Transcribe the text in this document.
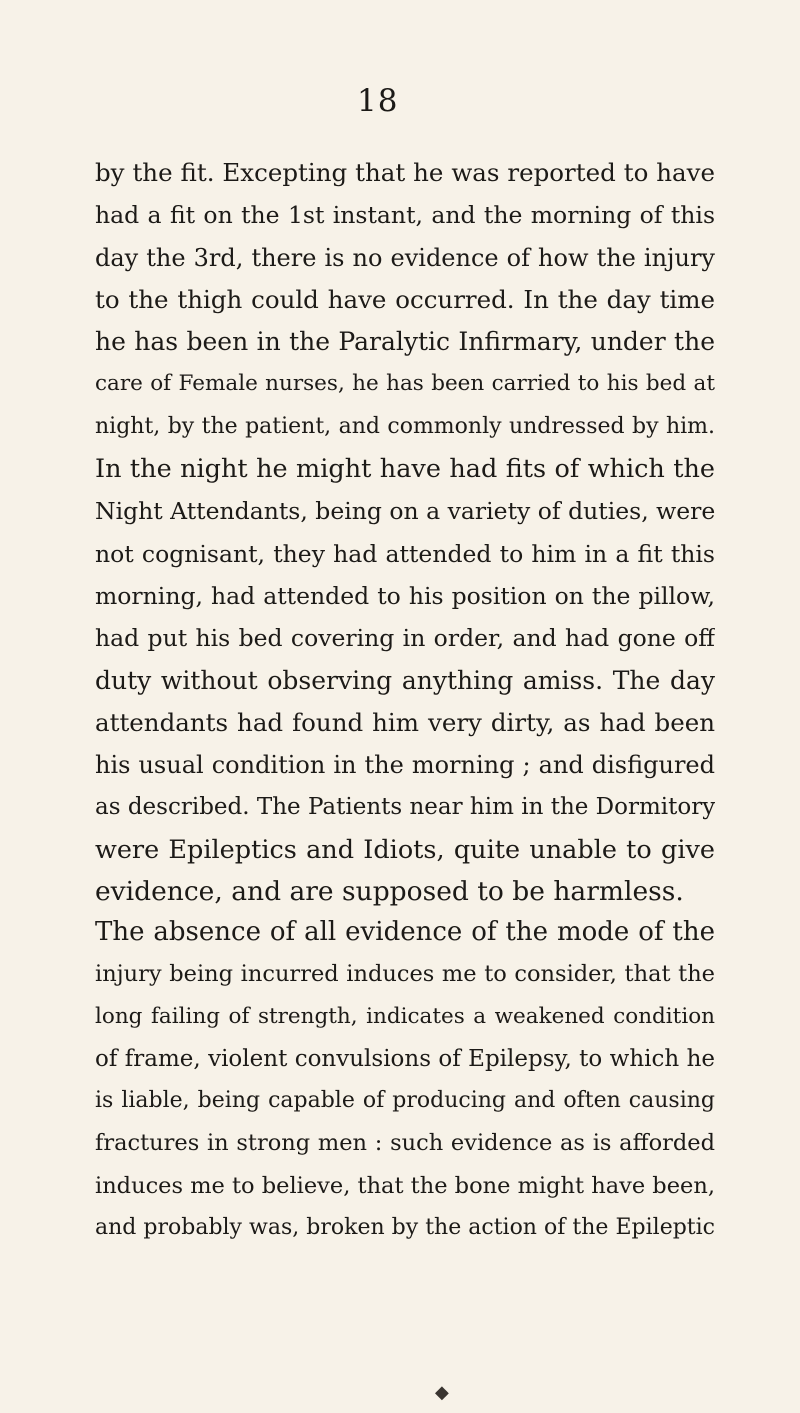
18
by the fit. Excepting that he was reported to have
had a fit on the 1st instant, and the morning of this
day the 3rd, there is no evidence of how the injury
to the thigh could have occurred. In the day time
he has been in the Paralytic Infirmary, under the
care of Female nurses, he has been carried to his bed at
night, by the patient, and commonly undressed by him.
In the night he might have had fits of which the
Night Attendants, being on a variety of duties, were
not cognisant, they had attended to him in a fit this
morning, had attended to his position on the pillow,
had put his bed covering in order, and had gone off
duty without observing anything amiss. The day
attendants had found him very dirty, as had been
his usual condition in the morning ; and disfigured
as described. The Patients near him in the Dormitory
were Epileptics and Idiots, quite unable to give
evidence, and are supposed to be harmless.
The absence of all evidence of the mode of the
injury being incurred induces me to consider, that the
long failing of strength, indicates a weakened condition
of frame, violent convulsions of Epilepsy, to which he
is liable, being capable of producing and often causing
fractures in strong men : such evidence as is afforded
induces me to believe, that the bone might have been,
and probably was, broken by the action of the Epileptic
◆
